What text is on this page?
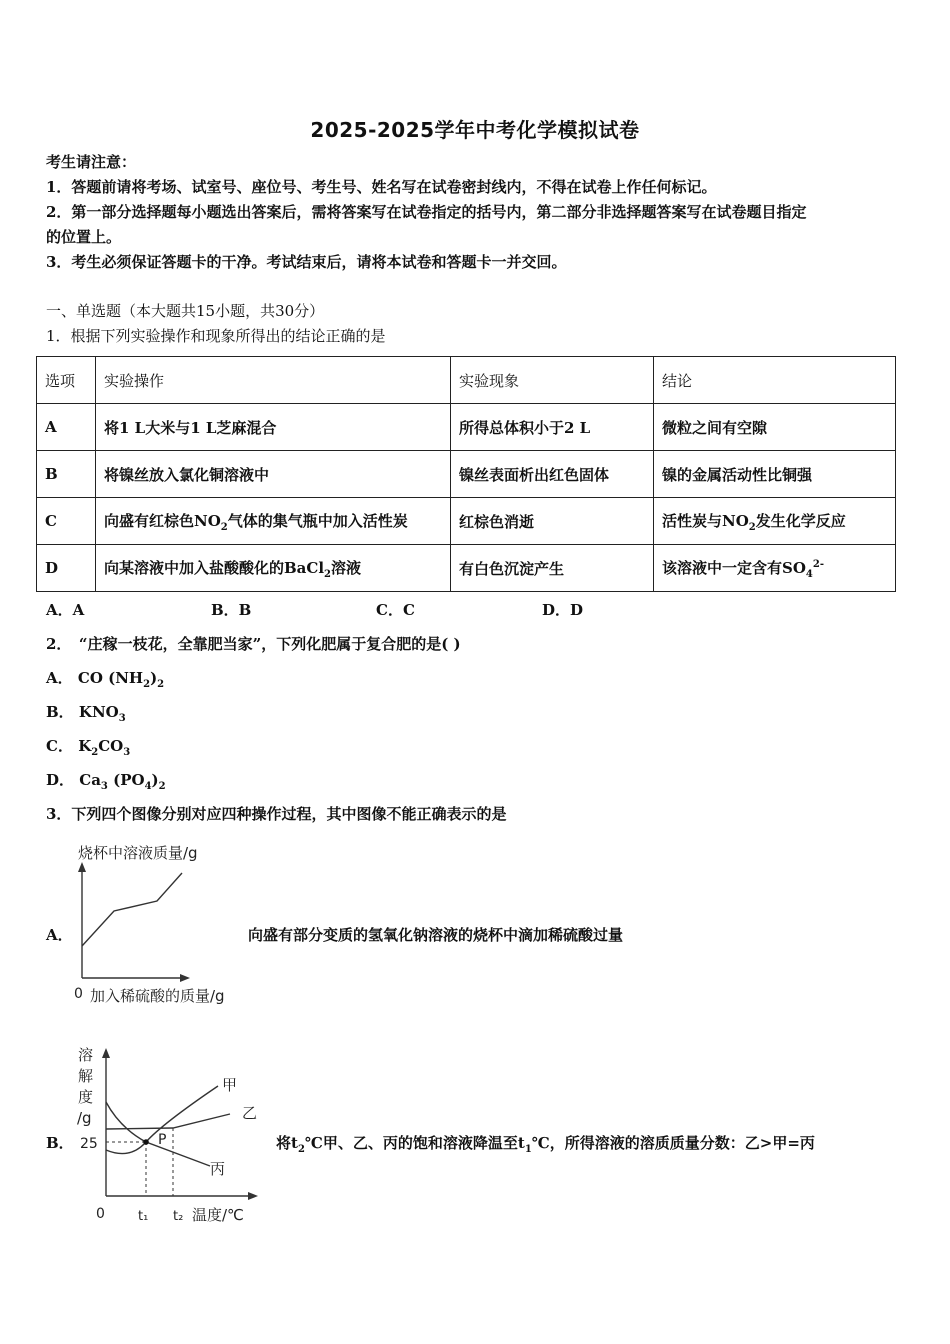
2025-2025学年中考化学模拟试卷
考生请注意：
1．答题前请将考场、试室号、座位号、考生号、姓名写在试卷密封线内，不得在试卷上作任何标记。
2．第一部分选择题每小题选出答案后，需将答案写在试卷指定的括号内，第二部分非选择题答案写在试卷题目指定
的位置上。
3．考生必须保证答题卡的干净。考试结束后，请将本试卷和答题卡一并交回。
一、单选题（本大题共15小题，共30分）
1．根据下列实验操作和现象所得出的结论正确的是
选项	实验操作	实验现象	结论
A	将1 L大米与1 L芝麻混合	所得总体积小于2 L	微粒之间有空隙
B	将镍丝放入氯化铜溶液中	镍丝表面析出红色固体	镍的金属活动性比铜强
C	向盛有红棕色$NO_2$气体的集气瓶中加入活性炭	红棕色消逝	活性炭与$NO_2$发生化学反应
D	向某溶液中加入盐酸酸化的BaCl$_2$溶液	有白色沉淀产生	该溶液中一定含有$SO_4^{2-}$
A．A	B．B	C．C	D．D
2．　“庄稼一枝花，全靠肥当家”，下列化肥属于复合肥的是( )
A． CO $(NH_2)_2$
B． $KNO_3$
C． $K_2CO_3$
D． $Ca_3$ $(PO_4)_2$
3．下列四个图像分别对应四种操作过程，其中图像不能正确表示的是
A．
烧杯中溶液质量/g
0 加入稀硫酸的质量/g
向盛有部分变质的氢氧化钠溶液的烧杯中滴加稀硫酸过量
B．
溶
解
度
/g
25	P
甲
乙
丙
0	t₁ t₂ 温度/℃
将$t_2℃$甲、乙、丙的饱和溶液降温至$t_1℃$，所得溶液的溶质质量分数：乙>甲=丙
